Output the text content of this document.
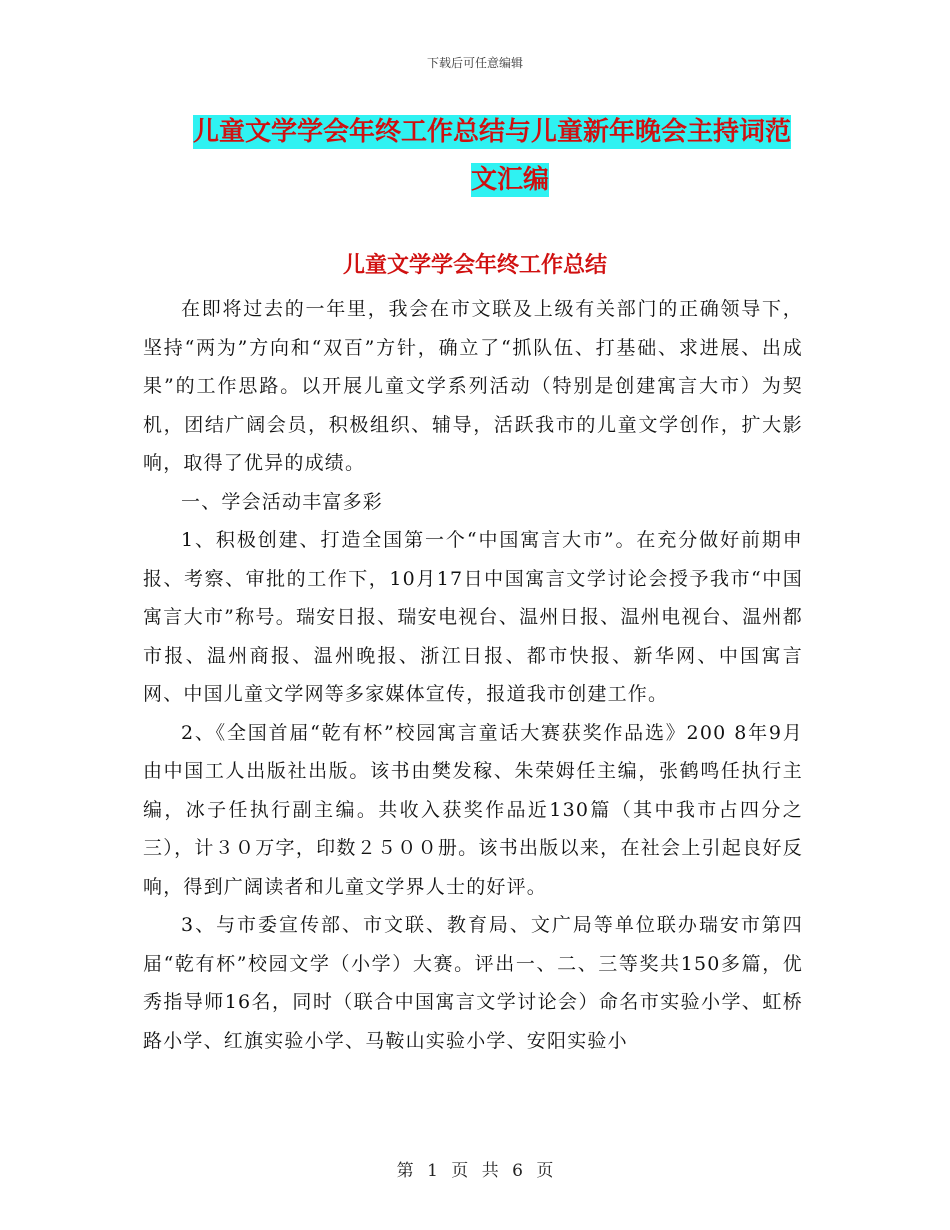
下载后可任意编辑
儿童文学学会年终工作总结与儿童新年晚会主持词范
文汇编
儿童文学学会年终工作总结

在即将过去的一年里，我会在市文联及上级有关部门的正确领导下，坚持“两为”方向和“双百”方针，确立了“抓队伍、打基础、求进展、出成果”的工作思路。以开展儿童文学系列活动（特别是创建寓言大市）为契机，团结广阔会员，积极组织、辅导，活跃我市的儿童文学创作，扩大影响，取得了优异的成绩。

一、学会活动丰富多彩

1、积极创建、打造全国第一个“中国寓言大市”。在充分做好前期申报、考察、审批的工作下，10月17日中国寓言文学讨论会授予我市“中国寓言大市”称号。瑞安日报、瑞安电视台、温州日报、温州电视台、温州都市报、温州商报、温州晚报、浙江日报、都市快报、新华网、中国寓言网、中国儿童文学网等多家媒体宣传，报道我市创建工作。

2、《全国首届“乾有杯”校园寓言童话大赛获奖作品选》200 8年9月由中国工人出版社出版。该书由樊发稼、朱荣姆任主编，张鹤鸣任执行主编，冰子任执行副主编。共收入获奖作品近130篇（其中我市占四分之三），计３０万字，印数２５００册。该书出版以来，在社会上引起良好反响，得到广阔读者和儿童文学界人士的好评。

3、与市委宣传部、市文联、教育局、文广局等单位联办瑞安市第四届“乾有杯”校园文学（小学）大赛。评出一、二、三等奖共150多篇，优秀指导师16名，同时（联合中国寓言文学讨论会）命名市实验小学、虹桥路小学、红旗实验小学、马鞍山实验小学、安阳实验小

第 1 页 共 6 页
